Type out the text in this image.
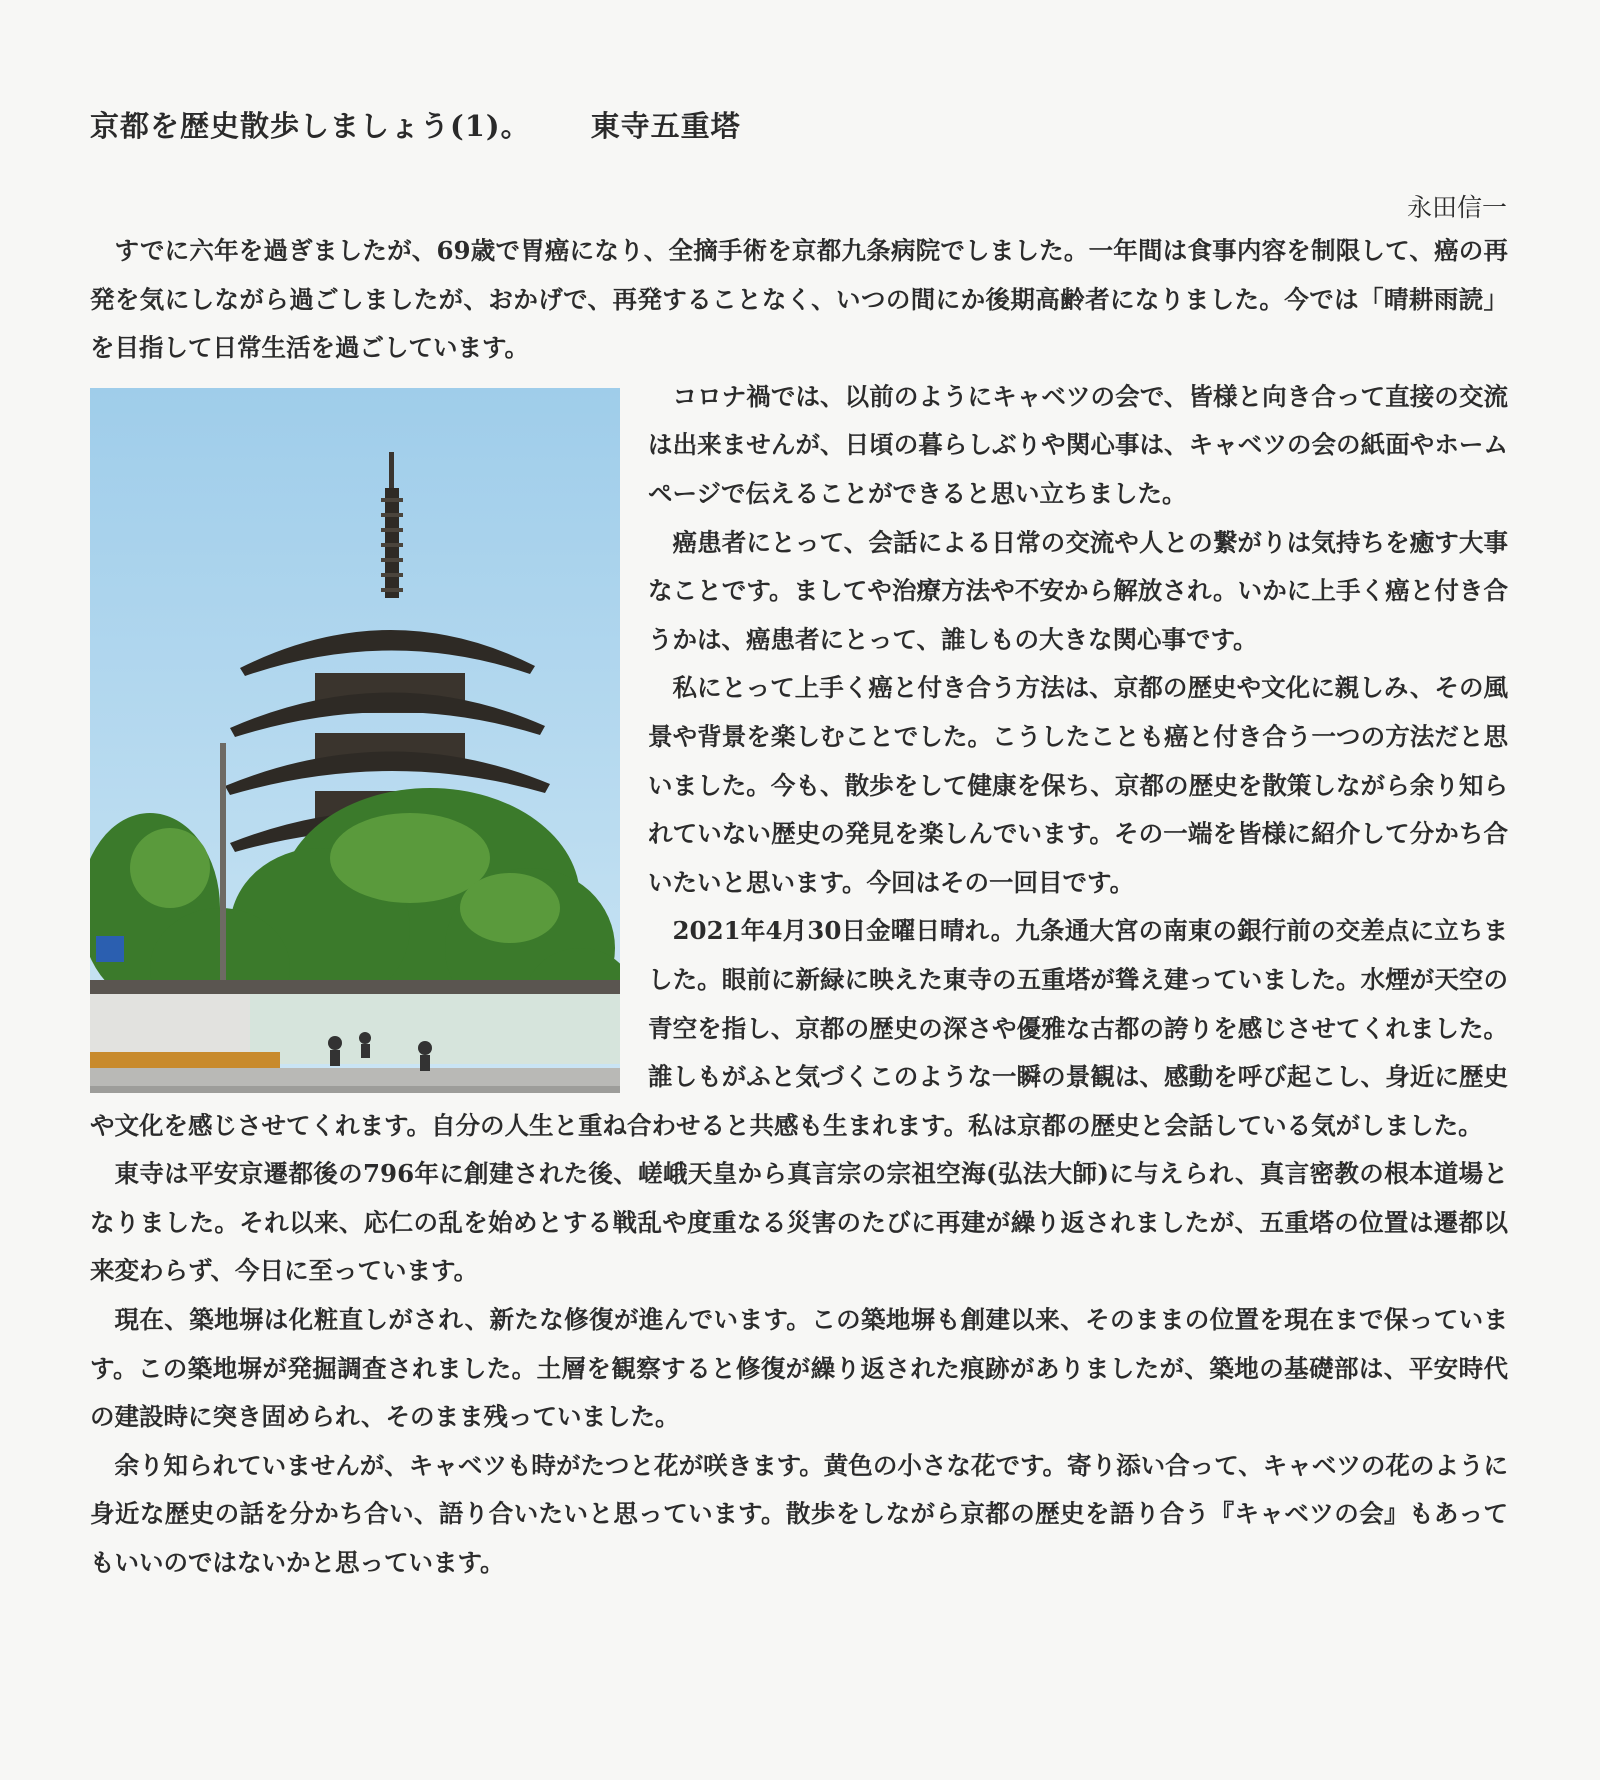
京都を歴史散歩しましょう(1)。 東寺五重塔
永田信一

すでに六年を過ぎましたが、69歳で胃癌になり、全摘手術を京都九条病院でしました。一年間は食事内容を制限して、癌の再発を気にしながら過ごしましたが、おかげで、再発することなく、いつの間にか後期高齢者になりました。今では「晴耕雨読」を目指して日常生活を過ごしています。

コロナ禍では、以前のようにキャベツの会で、皆様と向き合って直接の交流は出来ませんが、日頃の暮らしぶりや関心事は、キャベツの会の紙面やホームページで伝えることができると思い立ちました。

癌患者にとって、会話による日常の交流や人との繋がりは気持ちを癒す大事なことです。ましてや治療方法や不安から解放され。いかに上手く癌と付き合うかは、癌患者にとって、誰しもの大きな関心事です。

私にとって上手く癌と付き合う方法は、京都の歴史や文化に親しみ、その風景や背景を楽しむことでした。こうしたことも癌と付き合う一つの方法だと思いました。今も、散歩をして健康を保ち、京都の歴史を散策しながら余り知られていない歴史の発見を楽しんでいます。その一端を皆様に紹介して分かち合いたいと思います。今回はその一回目です。

2021年4月30日金曜日晴れ。九条通大宮の南東の銀行前の交差点に立ちました。眼前に新緑に映えた東寺の五重塔が聳え建っていました。水煙が天空の青空を指し、京都の歴史の深さや優雅な古都の誇りを感じさせてくれました。誰しもがふと気づくこのような一瞬の景観は、感動を呼び起こし、身近に歴史や文化を感じさせてくれます。自分の人生と重ね合わせると共感も生まれます。私は京都の歴史と会話している気がしました。

東寺は平安京遷都後の796年に創建された後、嵯峨天皇から真言宗の宗祖空海(弘法大師)に与えられ、真言密教の根本道場となりました。それ以来、応仁の乱を始めとする戦乱や度重なる災害のたびに再建が繰り返されましたが、五重塔の位置は遷都以来変わらず、今日に至っています。

現在、築地塀は化粧直しがされ、新たな修復が進んでいます。この築地塀も創建以来、そのままの位置を現在まで保っています。この築地塀が発掘調査されました。土層を観察すると修復が繰り返された痕跡がありましたが、築地の基礎部は、平安時代の建設時に突き固められ、そのまま残っていました。

余り知られていませんが、キャベツも時がたつと花が咲きます。黄色の小さな花です。寄り添い合って、キャベツの花のように身近な歴史の話を分かち合い、語り合いたいと思っています。散歩をしながら京都の歴史を語り合う『キャベツの会』もあってもいいのではないかと思っています。
